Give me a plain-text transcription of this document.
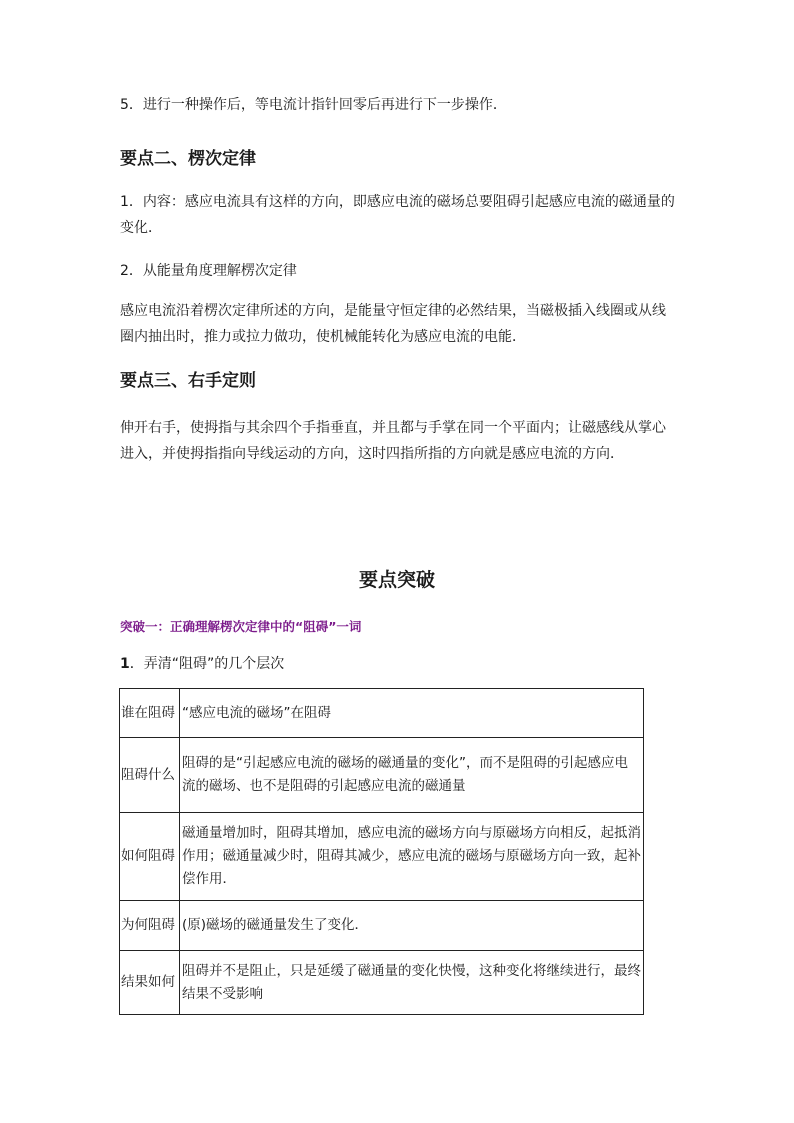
5．进行一种操作后，等电流计指针回零后再进行下一步操作．

要点二、楞次定律

1．内容：感应电流具有这样的方向，即感应电流的磁场总要阻碍引起感应电流的磁通量的变化．

2．从能量角度理解楞次定律

感应电流沿着楞次定律所述的方向，是能量守恒定律的必然结果，当磁极插入线圈或从线圈内抽出时，推力或拉力做功，使机械能转化为感应电流的电能．

要点三、右手定则

伸开右手，使拇指与其余四个手指垂直，并且都与手掌在同一个平面内；让磁感线从掌心进入，并使拇指指向导线运动的方向，这时四指所指的方向就是感应电流的方向．

要点突破

突破一：正确理解楞次定律中的“阻碍”一词

1．弄清“阻碍”的几个层次

谁在阻碍	“感应电流的磁场”在阻碍
阻碍什么	阻碍的是“引起感应电流的磁场的磁通量的变化”，而不是阻碍的引起感应电流的磁场、也不是阻碍的引起感应电流的磁通量
如何阻碍	磁通量增加时，阻碍其增加，感应电流的磁场方向与原磁场方向相反，起抵消作用；磁通量减少时，阻碍其减少，感应电流的磁场与原磁场方向一致，起补偿作用．
为何阻碍	(原)磁场的磁通量发生了变化．
结果如何	阻碍并不是阻止，只是延缓了磁通量的变化快慢，这种变化将继续进行，最终结果不受影响
